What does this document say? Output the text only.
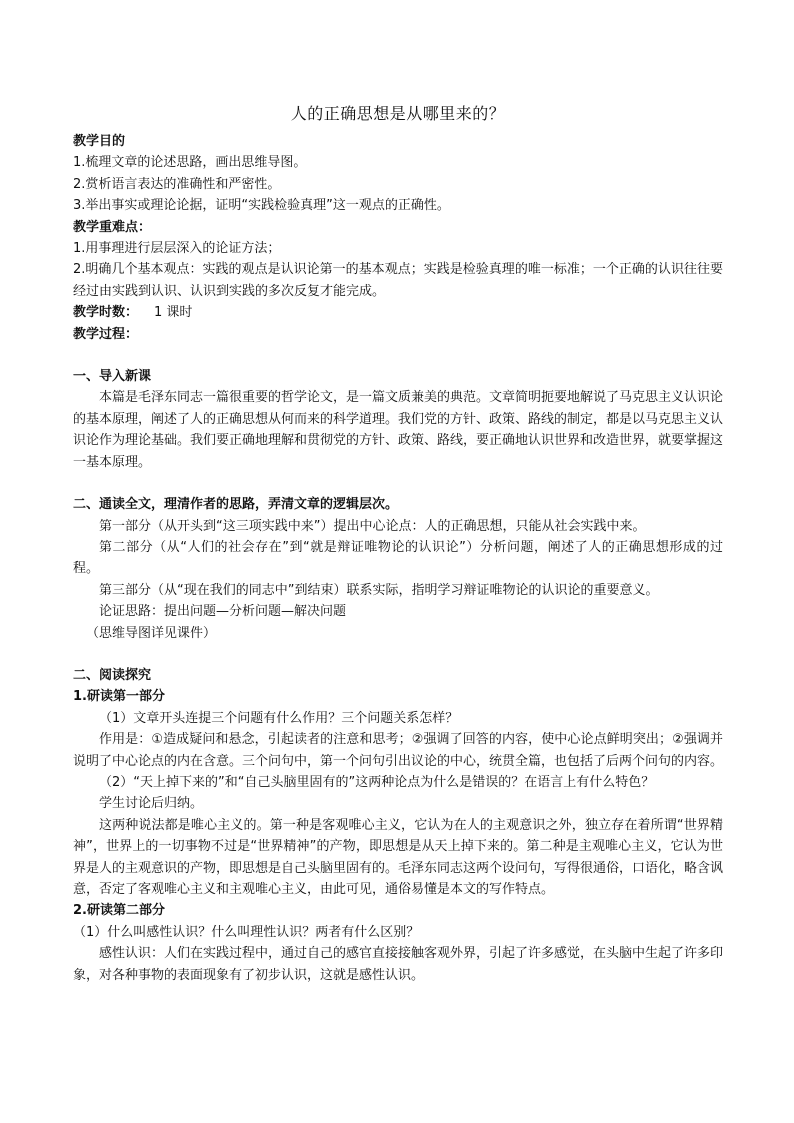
人的正确思想是从哪里来的？

教学目的

1.梳理文章的论述思路，画出思维导图。

2.赏析语言表达的准确性和严密性。

3.举出事实或理论论据，证明“实践检验真理”这一观点的正确性。

教学重难点：

1.用事理进行层层深入的论证方法；

2.明确几个基本观点：实践的观点是认识论第一的基本观点；实践是检验真理的唯一标准；一个正确的认识往往要经过由实践到认识、认识到实践的多次反复才能完成。

教学时数： 1 课时

教学过程：

一、导入新课

本篇是毛泽东同志一篇很重要的哲学论文，是一篇文质兼美的典范。文章简明扼要地解说了马克思主义认识论的基本原理，阐述了人的正确思想从何而来的科学道理。我们党的方针、政策、路线的制定，都是以马克思主义认识论作为理论基础。我们要正确地理解和贯彻党的方针、政策、路线，要正确地认识世界和改造世界，就要掌握这一基本原理。

二、通读全文，理清作者的思路，弄清文章的逻辑层次。

第一部分（从开头到“这三项实践中来”）提出中心论点：人的正确思想，只能从社会实践中来。

第二部分（从“人们的社会存在”到“就是辩证唯物论的认识论”）分析问题，阐述了人的正确思想形成的过程。

第三部分（从“现在我们的同志中”到结束）联系实际，指明学习辩证唯物论的认识论的重要意义。

论证思路：提出问题—分析问题—解决问题

（思维导图详见课件）

二、阅读探究

1.研读第一部分

（1）文章开头连提三个问题有什么作用？三个问题关系怎样？

作用是：①造成疑问和悬念，引起读者的注意和思考；②强调了回答的内容，使中心论点鲜明突出；②强调并说明了中心论点的内在含意。三个问句中，第一个问句引出议论的中心，统贯全篇，也包括了后两个问句的内容。

（2）“天上掉下来的”和“自己头脑里固有的”这两种论点为什么是错误的？在语言上有什么特色？

学生讨论后归纳。

这两种说法都是唯心主义的。第一种是客观唯心主义，它认为在人的主观意识之外，独立存在着所谓“世界精神”，世界上的一切事物不过是“世界精神”的产物，即思想是从天上掉下来的。第二种是主观唯心主义，它认为世界是人的主观意识的产物，即思想是自己头脑里固有的。毛泽东同志这两个设问句，写得很通俗，口语化，略含讽意，否定了客观唯心主义和主观唯心主义，由此可见，通俗易懂是本文的写作特点。

2.研读第二部分

（1）什么叫感性认识？什么叫理性认识？两者有什么区别？

感性认识：人们在实践过程中，通过自己的感官直接接触客观外界，引起了许多感觉，在头脑中生起了许多印象，对各种事物的表面现象有了初步认识，这就是感性认识。
